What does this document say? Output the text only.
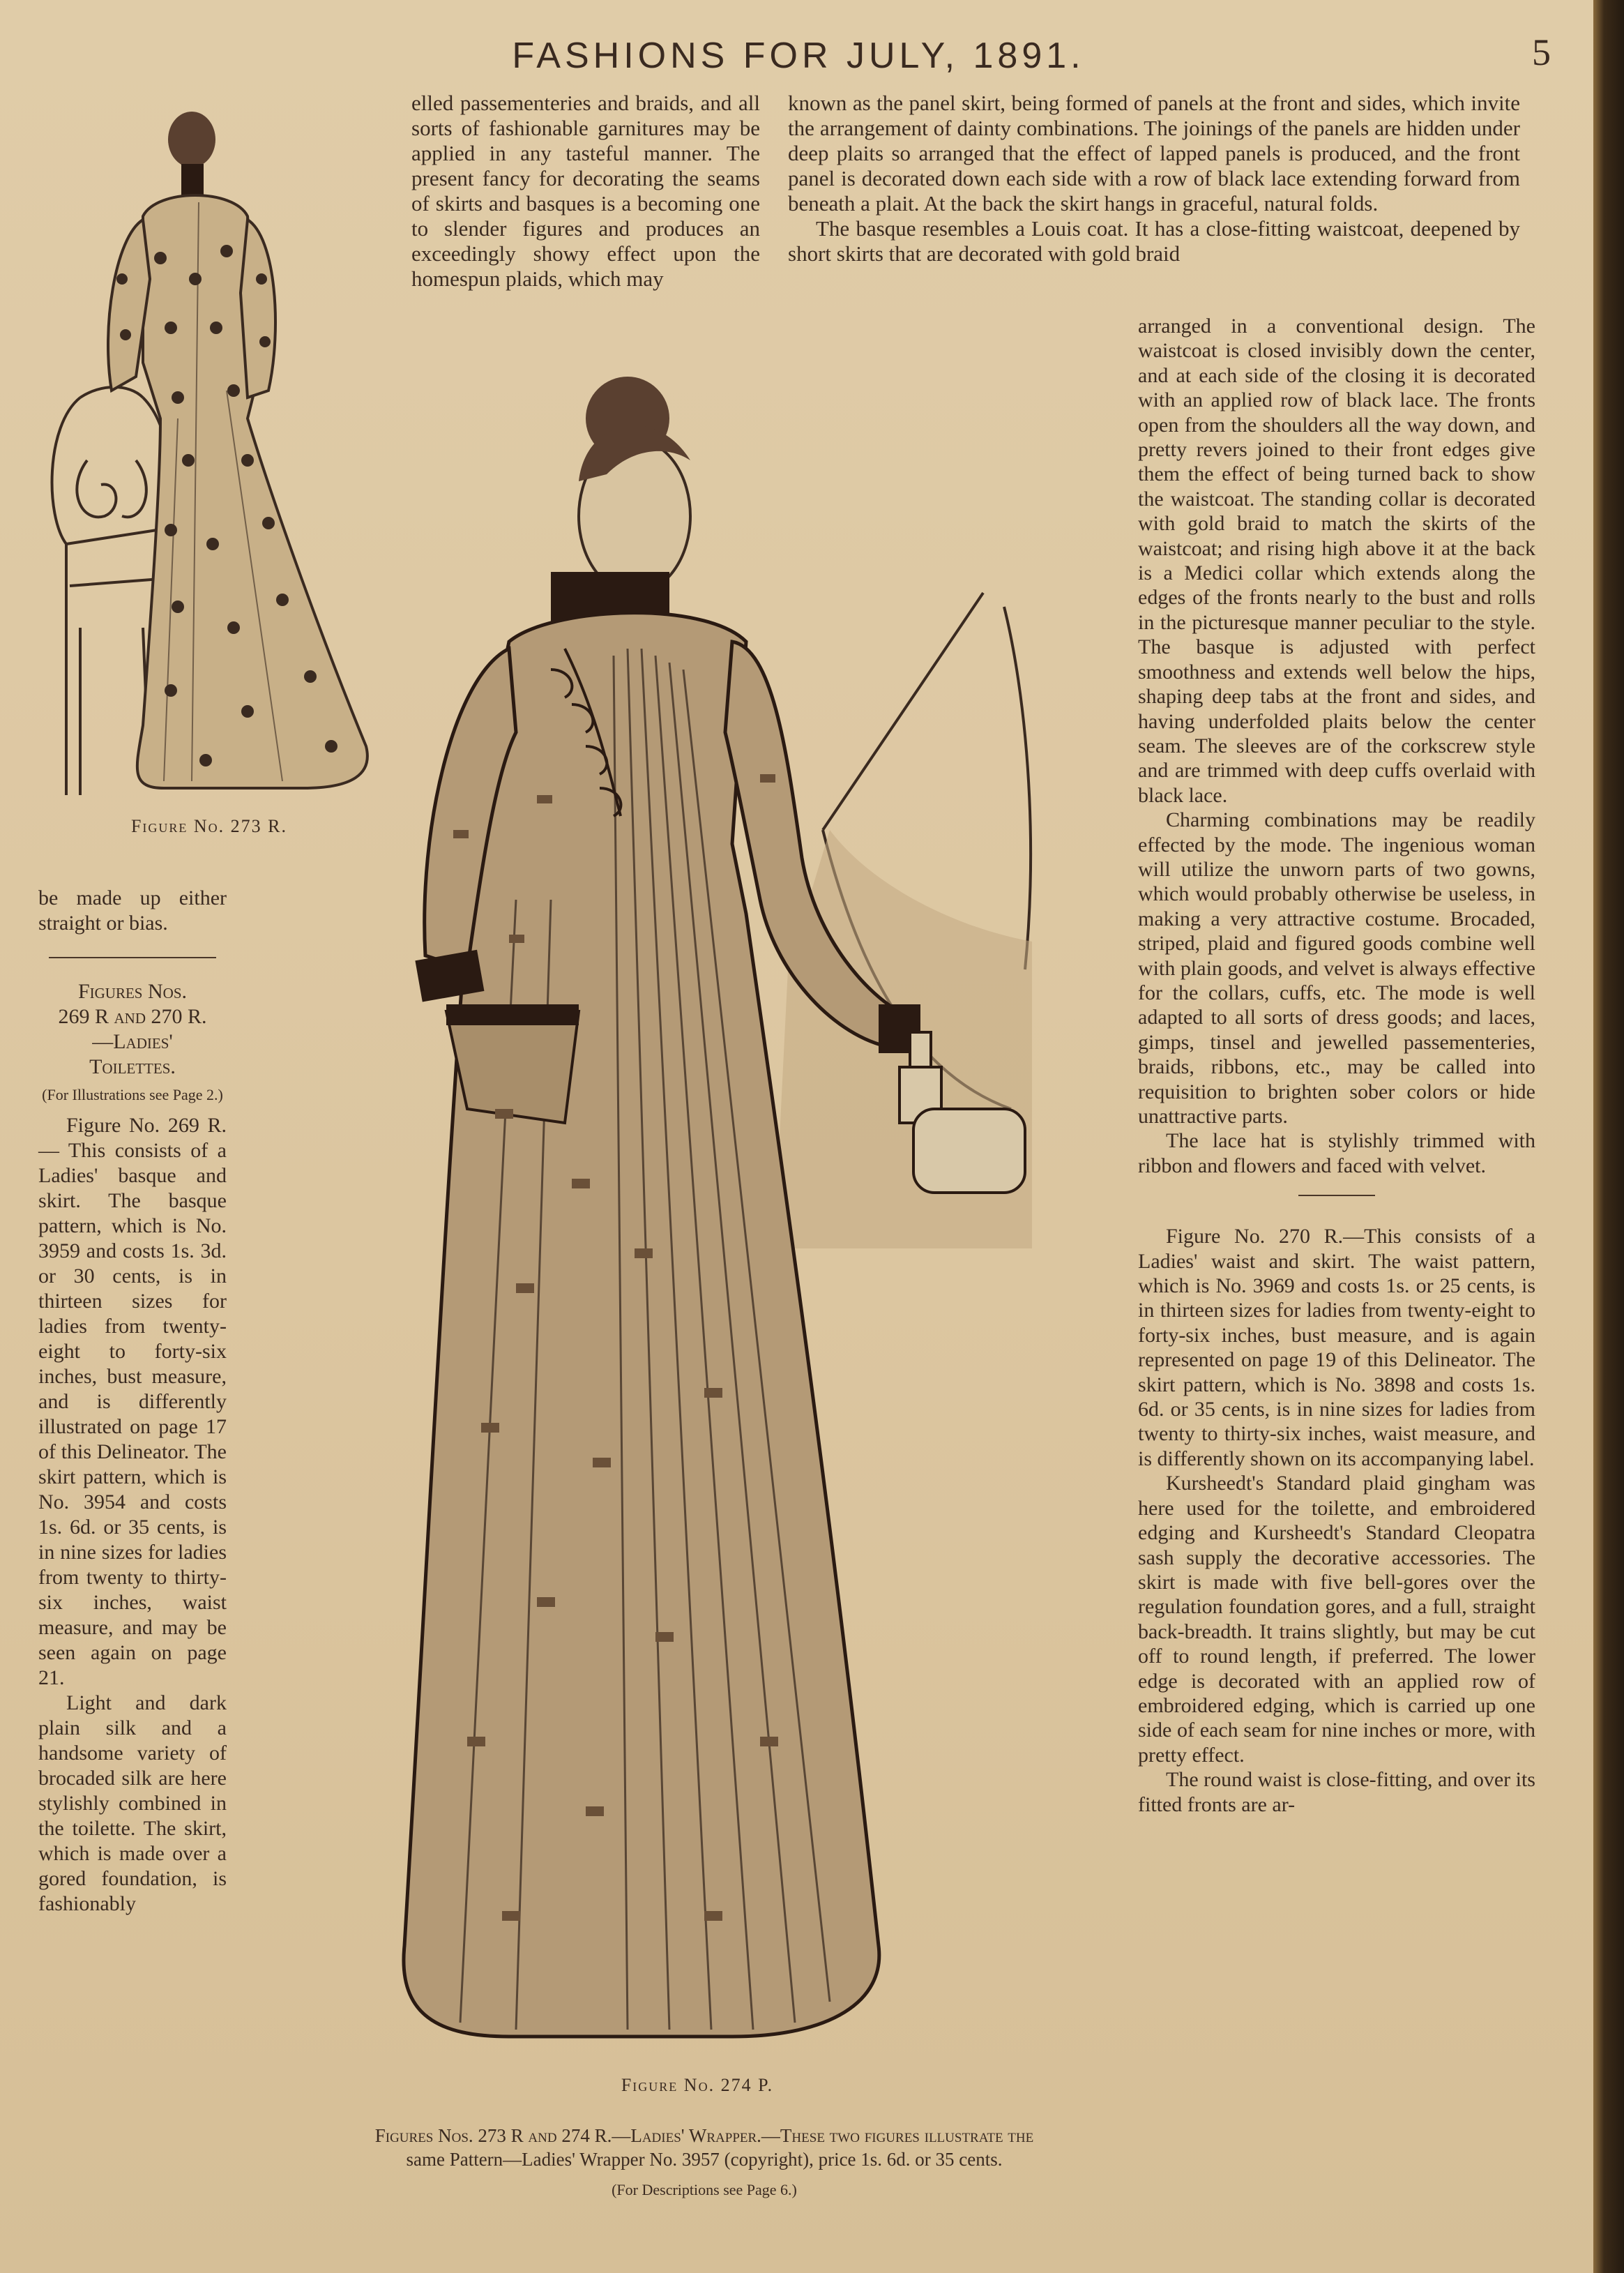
FASHIONS FOR JULY, 1891.	5
Figure No. 273 R.
Figure No. 274 P.
Figures Nos. 273 R and 274 R.—Ladies' Wrapper.—These two figures illustrate the
same Pattern—Ladies' Wrapper No. 3957 (copyright), price 1s. 6d. or 35 cents.
(For Descriptions see Page 6.)

be made up either straight or bias.

Figures Nos.
269 R and 270 R.
—Ladies'
Toilettes.
(For Illustrations see Page 2.)

Figure No. 269 R.— This consists of a Ladies' basque and skirt. The basque pattern, which is No. 3959 and costs 1s. 3d. or 30 cents, is in thirteen sizes for ladies from twenty-eight to forty-six inches, bust measure, and is differently illustrated on page 17 of this Delineator. The skirt pattern, which is No. 3954 and costs 1s. 6d. or 35 cents, is in nine sizes for ladies from twenty to thirty-six inches, waist measure, and may be seen again on page 21.

Light and dark plain silk and a handsome variety of brocaded silk are here stylishly combined in the toilette. The skirt, which is made over a gored foundation, is fashionably

elled passementeries and braids, and all sorts of fashionable garnitures may be applied in any tasteful manner. The present fancy for decorating the seams of skirts and basques is a becoming one to slender figures and produces an exceedingly showy effect upon the homespun plaids, which may

known as the panel skirt, being formed of panels at the front and sides, which invite the arrangement of dainty combinations. The joinings of the panels are hidden under deep plaits so arranged that the effect of lapped panels is produced, and the front panel is decorated down each side with a row of black lace extending forward from beneath a plait. At the back the skirt hangs in graceful, natural folds.

The basque resembles a Louis coat. It has a close-fitting waistcoat, deepened by short skirts that are decorated with gold braid

arranged in a conventional design. The waistcoat is closed invisibly down the center, and at each side of the closing it is decorated with an applied row of black lace. The fronts open from the shoulders all the way down, and pretty revers joined to their front edges give them the effect of being turned back to show the waistcoat. The standing collar is decorated with gold braid to match the skirts of the waistcoat; and rising high above it at the back is a Medici collar which extends along the edges of the fronts nearly to the bust and rolls in the picturesque manner peculiar to the style. The basque is adjusted with perfect smoothness and extends well below the hips, shaping deep tabs at the front and sides, and having underfolded plaits below the center seam. The sleeves are of the corkscrew style and are trimmed with deep cuffs overlaid with black lace.

Charming combinations may be readily effected by the mode. The ingenious woman will utilize the unworn parts of two gowns, which would probably otherwise be useless, in making a very attractive costume. Brocaded, striped, plaid and figured goods combine well with plain goods, and velvet is always effective for the collars, cuffs, etc. The mode is well adapted to all sorts of dress goods; and laces, gimps, tinsel and jewelled passementeries, braids, ribbons, etc., may be called into requisition to brighten sober colors or hide unattractive parts.

The lace hat is stylishly trimmed with ribbon and flowers and faced with velvet.

Figure No. 270 R.—This consists of a Ladies' waist and skirt. The waist pattern, which is No. 3969 and costs 1s. or 25 cents, is in thirteen sizes for ladies from twenty-eight to forty-six inches, bust measure, and is again represented on page 19 of this Delineator. The skirt pattern, which is No. 3898 and costs 1s. 6d. or 35 cents, is in nine sizes for ladies from twenty to thirty-six inches, waist measure, and is differently shown on its accompanying label.

Kursheedt's Standard plaid gingham was here used for the toilette, and embroidered edging and Kursheedt's Standard Cleopatra sash supply the decorative accessories. The skirt is made with five bell-gores over the regulation foundation gores, and a full, straight back-breadth. It trains slightly, but may be cut off to round length, if preferred. The lower edge is decorated with an applied row of embroidered edging, which is carried up one side of each seam for nine inches or more, with pretty effect.

The round waist is close-fitting, and over its fitted fronts are ar-
